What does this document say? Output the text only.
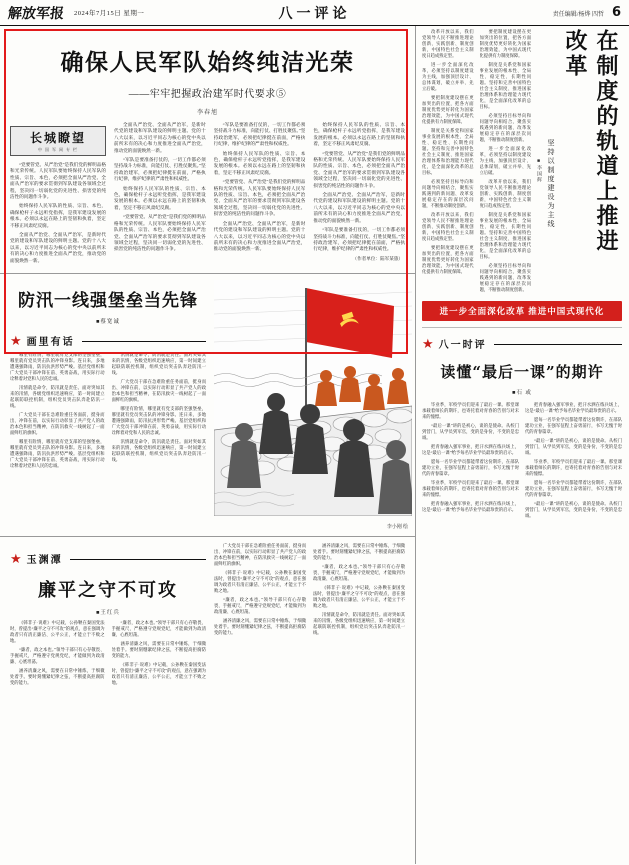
解放军报 2024年7月15日 星期一	八一评论	责任编辑/杨烨 四哲 6
确保人民军队始终纯洁光荣
——牢牢把握政治建军时代要求⑤
李春旭
长城瞭望
中 国 军 网 专 栏

“党要管党、从严治党”是我们党的鲜明品格和光荣传统。人民军队要始终保持人民军队的性质、宗旨、本色，必须把全面从严治党、全面从严治军的要求贯彻到军队建设各领域全过程，坚决同一切弱化党的先进性、损害党的纯洁性的问题作斗争。

始终保持人民军队的性质、宗旨、本色，确保枪杆子永远听党指挥，是我军建设发展的根本。必须以永远在路上的坚韧和执着，坚定不移正风肃纪反腐。

全面从严治党、全面从严治军，是新时代党的建设和军队建设的鲜明主题。党的十八大以来，以习近平同志为核心的党中央以前所未有的决心和力度推进全面从严治党，推动党的面貌焕然一新。

全面从严治党、全面从严治军，是新时代党的建设和军队建设的鲜明主题。党的十八大以来，以习近平同志为核心的党中央以前所未有的决心和力度推进全面从严治党，推动党的面貌焕然一新。

“军队是要准备打仗的，一切工作都必须坚持战斗力标准，向能打仗、打胜仗聚焦。”坚持政治建军，必须把纪律挺在前面，严格执行纪律，维护纪律的严肃性和权威性。

始终保持人民军队的性质、宗旨、本色，确保枪杆子永远听党指挥，是我军建设发展的根本。必须以永远在路上的坚韧和执着，坚定不移正风肃纪反腐。

“党要管党、从严治党”是我们党的鲜明品格和光荣传统。人民军队要始终保持人民军队的性质、宗旨、本色，必须把全面从严治党、全面从严治军的要求贯彻到军队建设各领域全过程，坚决同一切弱化党的先进性、损害党的纯洁性的问题作斗争。

“军队是要准备打仗的，一切工作都必须坚持战斗力标准，向能打仗、打胜仗聚焦。”坚持政治建军，必须把纪律挺在前面，严格执行纪律，维护纪律的严肃性和权威性。

始终保持人民军队的性质、宗旨、本色，确保枪杆子永远听党指挥，是我军建设发展的根本。必须以永远在路上的坚韧和执着，坚定不移正风肃纪反腐。

“党要管党、从严治党”是我们党的鲜明品格和光荣传统。人民军队要始终保持人民军队的性质、宗旨、本色，必须把全面从严治党、全面从严治军的要求贯彻到军队建设各领域全过程，坚决同一切弱化党的先进性、损害党的纯洁性的问题作斗争。

全面从严治党、全面从严治军，是新时代党的建设和军队建设的鲜明主题。党的十八大以来，以习近平同志为核心的党中央以前所未有的决心和力度推进全面从严治党，推动党的面貌焕然一新。

始终保持人民军队的性质、宗旨、本色，确保枪杆子永远听党指挥，是我军建设发展的根本。必须以永远在路上的坚韧和执着，坚定不移正风肃纪反腐。

“党要管党、从严治党”是我们党的鲜明品格和光荣传统。人民军队要始终保持人民军队的性质、宗旨、本色，必须把全面从严治党、全面从严治军的要求贯彻到军队建设各领域全过程，坚决同一切弱化党的先进性、损害党的纯洁性的问题作斗争。

全面从严治党、全面从严治军，是新时代党的建设和军队建设的鲜明主题。党的十八大以来，以习近平同志为核心的党中央以前所未有的决心和力度推进全面从严治党，推动党的面貌焕然一新。

“军队是要准备打仗的，一切工作都必须坚持战斗力标准，向能打仗、打胜仗聚焦。”坚持政治建军，必须把纪律挺在前面，严格执行纪律，维护纪律的严肃性和权威性。

（作者单位：陆军某旅）
防汛一线强堡垒当先锋
■蔡宽诚
★ 画里有话

哪里有险情，哪里就有党支部的坚强堡垒，哪里就有党员突击队的冲锋身影。连日来，多地遭遇强降雨，防汛抗洪形势严峻。基层党组织和广大党员干部冲锋在前、英勇奋战，用实际行动诠释着对党和人民的忠诚。

汛情就是命令，防汛就是责任。面对突如其来的汛情，各级党组织迅速响应，第一时间建立起联防联控机制，组织党员突击队奔赴防汛一线。

广大党员干部在急难险重任务面前，挺身而出、冲锋在前，以实际行动彰显了共产党人的政治本色和担当精神，在防汛救灾一线树起了一面面鲜红的旗帜。

哪里有险情，哪里就有党支部的坚强堡垒，哪里就有党员突击队的冲锋身影。连日来，多地遭遇强降雨，防汛抗洪形势严峻。基层党组织和广大党员干部冲锋在前、英勇奋战，用实际行动诠释着对党和人民的忠诚。

汛情就是命令，防汛就是责任。面对突如其来的汛情，各级党组织迅速响应，第一时间建立起联防联控机制，组织党员突击队奔赴防汛一线。

广大党员干部在急难险重任务面前，挺身而出、冲锋在前，以实际行动彰显了共产党人的政治本色和担当精神，在防汛救灾一线树起了一面面鲜红的旗帜。

哪里有险情，哪里就有党支部的坚强堡垒，哪里就有党员突击队的冲锋身影。连日来，多地遭遇强降雨，防汛抗洪形势严峻。基层党组织和广大党员干部冲锋在前、英勇奋战，用实际行动诠释着对党和人民的忠诚。

汛情就是命令，防汛就是责任。面对突如其来的汛情，各级党组织迅速响应，第一时间建立起联防联控机制，组织党员突击队奔赴防汛一线。

李小刚 绘
★ 玉渊潭
廉平之守不可攻
■王红兵

《韩非子·说难》中记载，公孙鞅在秦国变法时，曾提出“廉平之守不可攻”的观点，意在强调为政者只有清正廉洁、公平公正，才能立于不败之地。

“廉者，政之本也。”领导干部只有心存敬畏、手握戒尺，严格遵守党规党纪，才能做到为政清廉、心底坦荡。

涵养清廉之风，需要在日常中锤炼，于细微处着手。要时刻绷紧纪律之弦，不断提高拒腐防变的能力。

“廉者，政之本也。”领导干部只有心存敬畏、手握戒尺，严格遵守党规党纪，才能做到为政清廉、心底坦荡。

涵养清廉之风，需要在日常中锤炼，于细微处着手。要时刻绷紧纪律之弦，不断提高拒腐防变的能力。

《韩非子·说难》中记载，公孙鞅在秦国变法时，曾提出“廉平之守不可攻”的观点，意在强调为政者只有清正廉洁、公平公正，才能立于不败之地。

广大党员干部在急难险重任务面前，挺身而出、冲锋在前，以实际行动彰显了共产党人的政治本色和担当精神，在防汛救灾一线树起了一面面鲜红的旗帜。

《韩非子·说难》中记载，公孙鞅在秦国变法时，曾提出“廉平之守不可攻”的观点，意在强调为政者只有清正廉洁、公平公正，才能立于不败之地。

“廉者，政之本也。”领导干部只有心存敬畏、手握戒尺，严格遵守党规党纪，才能做到为政清廉、心底坦荡。

涵养清廉之风，需要在日常中锤炼，于细微处着手。要时刻绷紧纪律之弦，不断提高拒腐防变的能力。

涵养清廉之风，需要在日常中锤炼，于细微处着手。要时刻绷紧纪律之弦，不断提高拒腐防变的能力。

“廉者，政之本也。”领导干部只有心存敬畏、手握戒尺，严格遵守党规党纪，才能做到为政清廉、心底坦荡。

《韩非子·说难》中记载，公孙鞅在秦国变法时，曾提出“廉平之守不可攻”的观点，意在强调为政者只有清正廉洁、公平公正，才能立于不败之地。

汛情就是命令，防汛就是责任。面对突如其来的汛情，各级党组织迅速响应，第一时间建立起联防联控机制，组织党员突击队奔赴防汛一线。

在制度的轨道上推进改革
坚持以制度建设为主线
■李国辉

改革开放以来，我们党领导人民不断推进理论创新、实践创新、制度创新，中国特色社会主义制度日趋成熟定型。

进一步全面深化改革，必须坚持以制度建设为主线，加强顶层设计、总体谋划，破立并举、先立后破。

要把制度建设摆在更加突出的位置，把各方面制度优势更好转化为国家治理效能，为中国式现代化提供有力制度保障。

制度是关系党和国家事业发展的根本性、全局性、稳定性、长期性问题。坚持和完善中国特色社会主义制度、推进国家治理体系和治理能力现代化，是全面深化改革的总目标。

必须坚持目标导向和问题导向相结合，聚焦实践遇到的新问题、改革发展稳定存在的深层次问题，不断推动制度创新。

改革开放以来，我们党领导人民不断推进理论创新、实践创新、制度创新，中国特色社会主义制度日趋成熟定型。

要把制度建设摆在更加突出的位置，把各方面制度优势更好转化为国家治理效能，为中国式现代化提供有力制度保障。

要把制度建设摆在更加突出的位置，把各方面制度优势更好转化为国家治理效能，为中国式现代化提供有力制度保障。

制度是关系党和国家事业发展的根本性、全局性、稳定性、长期性问题。坚持和完善中国特色社会主义制度、推进国家治理体系和治理能力现代化，是全面深化改革的总目标。

必须坚持目标导向和问题导向相结合，聚焦实践遇到的新问题、改革发展稳定存在的深层次问题，不断推动制度创新。

进一步全面深化改革，必须坚持以制度建设为主线，加强顶层设计、总体谋划，破立并举、先立后破。

改革开放以来，我们党领导人民不断推进理论创新、实践创新、制度创新，中国特色社会主义制度日趋成熟定型。

制度是关系党和国家事业发展的根本性、全局性、稳定性、长期性问题。坚持和完善中国特色社会主义制度、推进国家治理体系和治理能力现代化，是全面深化改革的总目标。

必须坚持目标导向和问题导向相结合，聚焦实践遇到的新问题、改革发展稳定存在的深层次问题，不断推动制度创新。

进一步全面深化改革 推进中国式现代化
★ 八一时评
读懂“最后一课”的期许
■石 或

毕业季，军校学员们迎来了最后一课。那堂课承载着师长的期许，也寄托着对青春的告别与对未来的憧憬。

“最后一课”讲的是初心，谈的是使命。从校门到营门，从学员到军官，变的是身份，不变的是忠诚。

把青春融入强军事业，把汗水洒在练兵场上，这是“最后一课”给予每名毕业学员最珍贵的启示。

愿每一名毕业学员都能带着这份期许，在部队建功立业，在强军征程上奋勇前行，书写无愧于时代的青春篇章。

毕业季，军校学员们迎来了最后一课。那堂课承载着师长的期许，也寄托着对青春的告别与对未来的憧憬。

把青春融入强军事业，把汗水洒在练兵场上，这是“最后一课”给予每名毕业学员最珍贵的启示。

把青春融入强军事业，把汗水洒在练兵场上，这是“最后一课”给予每名毕业学员最珍贵的启示。

愿每一名毕业学员都能带着这份期许，在部队建功立业，在强军征程上奋勇前行，书写无愧于时代的青春篇章。

“最后一课”讲的是初心，谈的是使命。从校门到营门，从学员到军官，变的是身份，不变的是忠诚。

毕业季，军校学员们迎来了最后一课。那堂课承载着师长的期许，也寄托着对青春的告别与对未来的憧憬。

愿每一名毕业学员都能带着这份期许，在部队建功立业，在强军征程上奋勇前行，书写无愧于时代的青春篇章。

“最后一课”讲的是初心，谈的是使命。从校门到营门，从学员到军官，变的是身份，不变的是忠诚。
